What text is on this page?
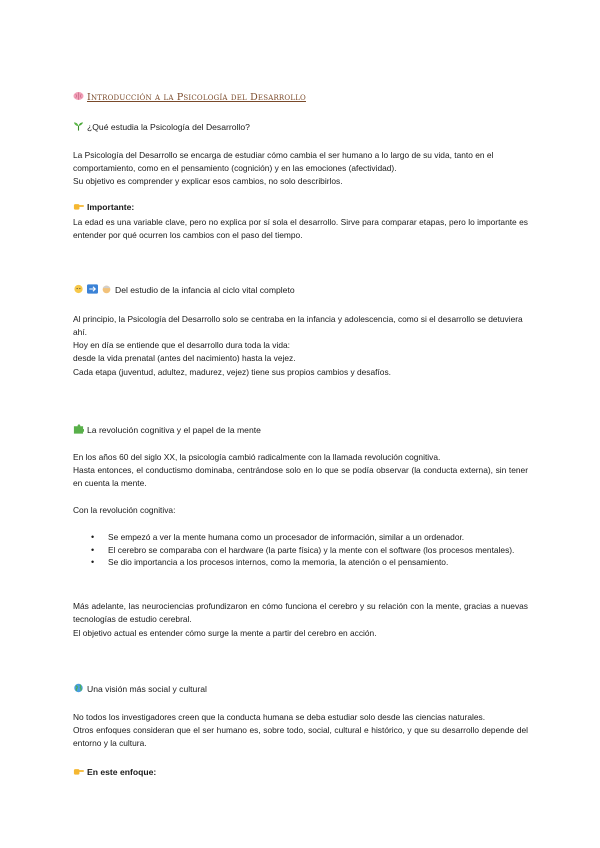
Introducción a la Psicología del Desarrollo
¿Qué estudia la Psicología del Desarrollo?

La Psicología del Desarrollo se encarga de estudiar cómo cambia el ser humano a lo largo de su vida, tanto en el comportamiento, como en el pensamiento (cognición) y en las emociones (afectividad).

Su objetivo es comprender y explicar esos cambios, no solo describirlos.

Importante:

La edad es una variable clave, pero no explica por sí sola el desarrollo. Sirve para comparar etapas, pero lo importante es entender por qué ocurren los cambios con el paso del tiempo.

Del estudio de la infancia al ciclo vital completo

Al principio, la Psicología del Desarrollo solo se centraba en la infancia y adolescencia, como si el desarrollo se detuviera ahí.

Hoy en día se entiende que el desarrollo dura toda la vida:

desde la vida prenatal (antes del nacimiento) hasta la vejez.

Cada etapa (juventud, adultez, madurez, vejez) tiene sus propios cambios y desafíos.

La revolución cognitiva y el papel de la mente

En los años 60 del siglo XX, la psicología cambió radicalmente con la llamada revolución cognitiva.

Hasta entonces, el conductismo dominaba, centrándose solo en lo que se podía observar (la conducta externa), sin tener en cuenta la mente.

Con la revolución cognitiva:

• Se empezó a ver la mente humana como un procesador de información, similar a un ordenador.
• El cerebro se comparaba con el hardware (la parte física) y la mente con el software (los procesos mentales).
• Se dio importancia a los procesos internos, como la memoria, la atención o el pensamiento.

Más adelante, las neurociencias profundizaron en cómo funciona el cerebro y su relación con la mente, gracias a nuevas tecnologías de estudio cerebral.

El objetivo actual es entender cómo surge la mente a partir del cerebro en acción.

Una visión más social y cultural

No todos los investigadores creen que la conducta humana se deba estudiar solo desde las ciencias naturales.

Otros enfoques consideran que el ser humano es, sobre todo, social, cultural e histórico, y que su desarrollo depende del entorno y la cultura.

En este enfoque:
